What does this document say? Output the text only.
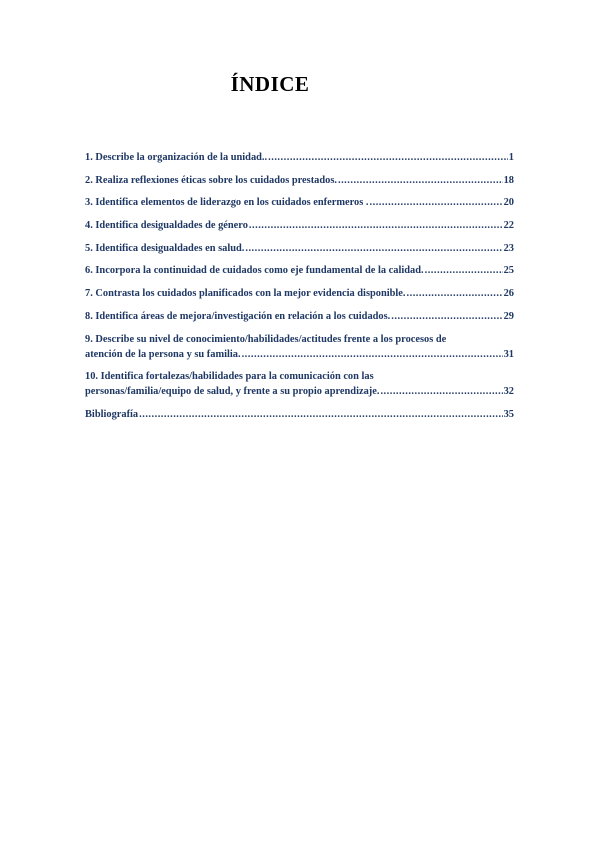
ÍNDICE
1. Describe la organización de la unidad.. .....	1
2. Realiza reflexiones éticas sobre los cuidados prestados. .....	18
3. Identifica elementos de liderazgo en los cuidados enfermeros . .....	20
4. Identifica desigualdades de género .....	22
5. Identifica desigualdades en salud. .....	23
6. Incorpora la continuidad de cuidados como eje fundamental de la calidad. .....	25
7. Contrasta los cuidados planificados con la mejor evidencia disponible. .....	26
8. Identifica áreas de mejora/investigación en relación a los cuidados. .....	29
9. Describe su nivel de conocimiento/habilidades/actitudes frente a los procesos de
atención de la persona y su familia. .....	31
10. Identifica fortalezas/habilidades para la comunicación con las
personas/familia/equipo de salud, y frente a su propio aprendizaje. .....	32
Bibliografía .....	35
